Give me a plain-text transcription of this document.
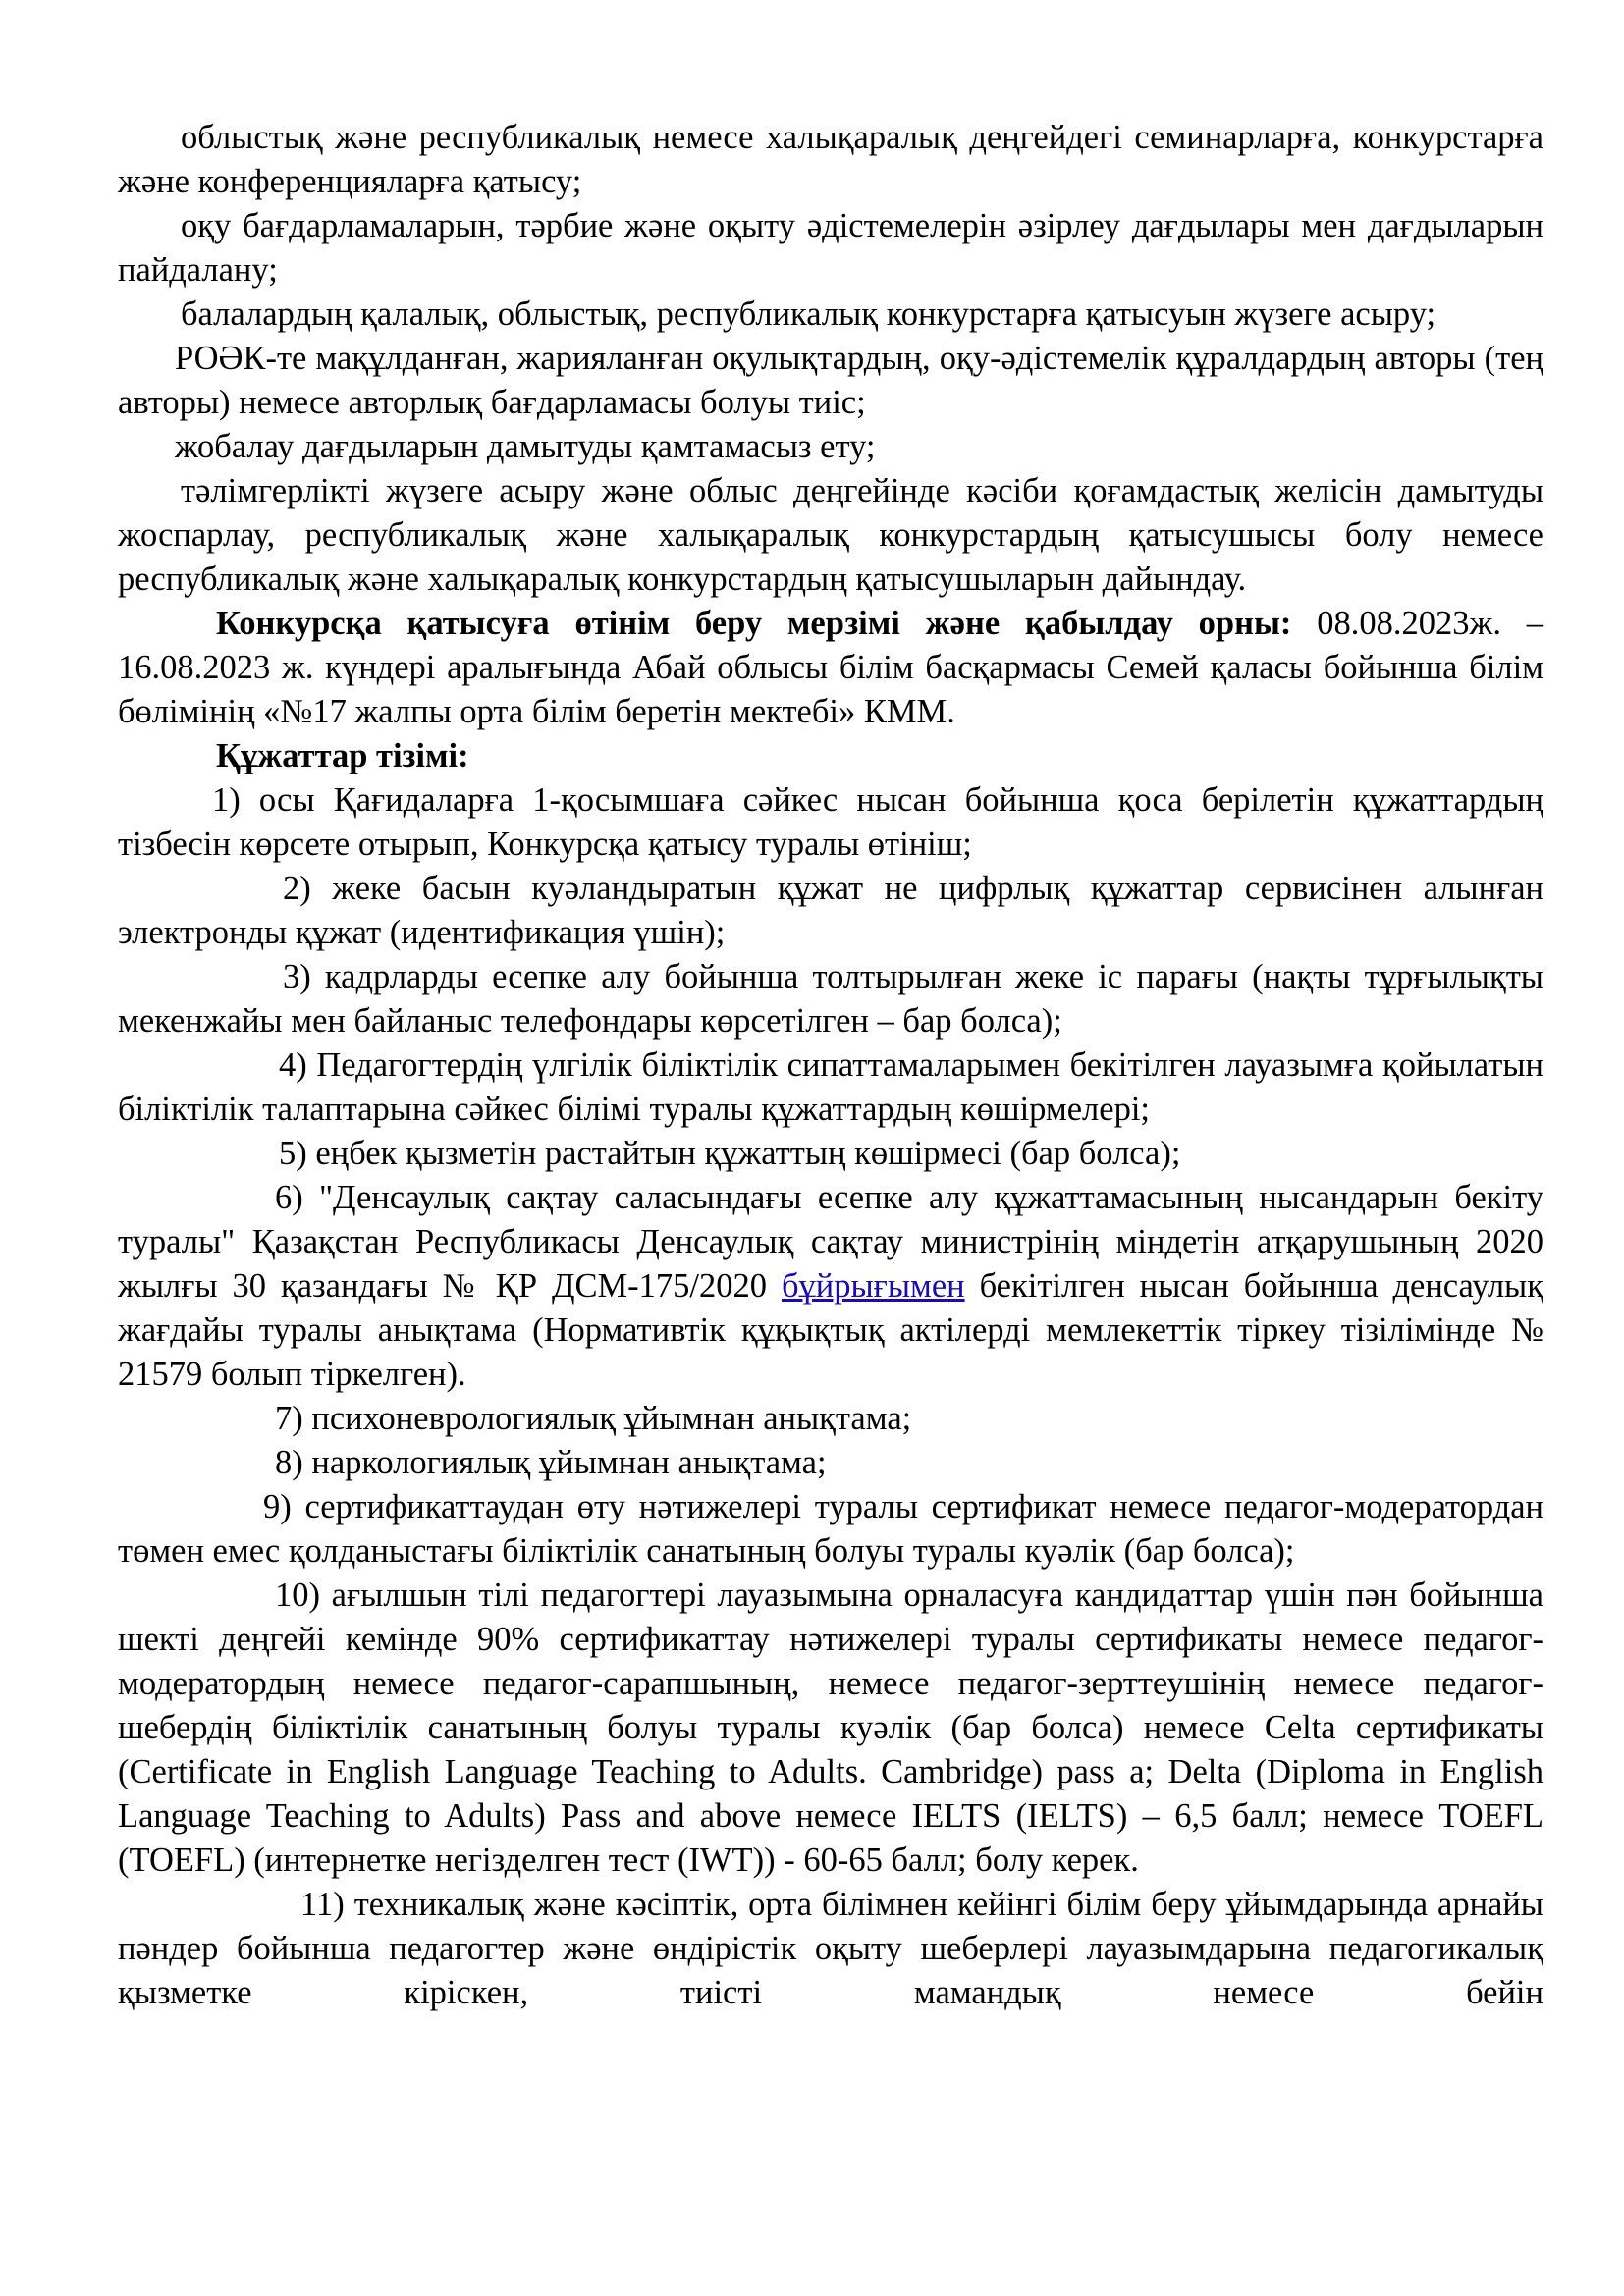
облыстық және республикалық немесе халықаралық деңгейдегі семинарларға, конкурстарға және конференцияларға қатысу;

оқу бағдарламаларын, тәрбие және оқыту әдістемелерін әзірлеу дағдылары мен дағдыларын пайдалану;

балалардың қалалық, облыстық, республикалық конкурстарға қатысуын жүзеге асыру;

РОӘК-те мақұлданған, жарияланған оқулықтардың, оқу-әдістемелік құралдардың авторы (тең авторы) немесе авторлық бағдарламасы болуы тиіс;

жобалау дағдыларын дамытуды қамтамасыз ету;

тәлімгерлікті жүзеге асыру және облыс деңгейінде кәсіби қоғамдастық желісін дамытуды жоспарлау, республикалық және халықаралық конкурстардың қатысушысы болу немесе республикалық және халықаралық конкурстардың қатысушыларын дайындау.

Конкурсқа қатысуға өтінім беру мерзімі және қабылдау орны: 08.08.2023ж. – 16.08.2023 ж. күндері аралығында Абай облысы білім басқармасы Семей қаласы бойынша білім бөлімінің «№17 жалпы орта білім беретін мектебі» КММ.

Құжаттар тізімі:

1) осы Қағидаларға 1-қосымшаға сәйкес нысан бойынша қоса берілетін құжаттардың тізбесін көрсете отырып, Конкурсқа қатысу туралы өтініш;

2) жеке басын куәландыратын құжат не цифрлық құжаттар сервисінен алынған электронды құжат (идентификация үшін);

3) кадрларды есепке алу бойынша толтырылған жеке іс парағы (нақты тұрғылықты мекенжайы мен байланыс телефондары көрсетілген – бар болса);

4) Педагогтердің үлгілік біліктілік сипаттамаларымен бекітілген лауазымға қойылатын біліктілік талаптарына сәйкес білімі туралы құжаттардың көшірмелері;

5) еңбек қызметін растайтын құжаттың көшірмесі (бар болса);

6) "Денсаулық сақтау саласындағы есепке алу құжаттамасының нысандарын бекіту туралы" Қазақстан Республикасы Денсаулық сақтау министрінің міндетін атқарушының 2020 жылғы 30 қазандағы № ҚР ДСМ-175/2020 бұйрығымен бекітілген нысан бойынша денсаулық жағдайы туралы анықтама (Нормативтік құқықтық актілерді мемлекеттік тіркеу тізілімінде № 21579 болып тіркелген).

7) психоневрологиялық ұйымнан анықтама;

8) наркологиялық ұйымнан анықтама;

9) сертификаттаудан өту нәтижелері туралы сертификат немесе педагог-модератордан төмен емес қолданыстағы біліктілік санатының болуы туралы куәлік (бар болса);

10) ағылшын тілі педагогтері лауазымына орналасуға кандидаттар үшін пән бойынша шекті деңгейі кемінде 90% сертификаттау нәтижелері туралы сертификаты немесе педагог-модератордың немесе педагог-сарапшының, немесе педагог-зерттеушінің немесе педагог-шебердің біліктілік санатының болуы туралы куәлік (бар болса) немесе Celta сертификаты (Certificate in English Language Teaching to Adults. Cambridge) pass a; Delta (Diploma in English Language Teaching to Adults) Pass and above немесе IELTS (IELTS) – 6,5 балл; немесе TOEFL (TOEFL) (интернетке негізделген тест (IWT)) - 60-65 балл; болу керек.

11) техникалық және кәсіптік, орта білімнен кейінгі білім беру ұйымдарында арнайы пәндер бойынша педагогтер және өндірістік оқыту шеберлері лауазымдарына педагогикалық қызметке кіріскен, тиісті мамандық немесе бейін
